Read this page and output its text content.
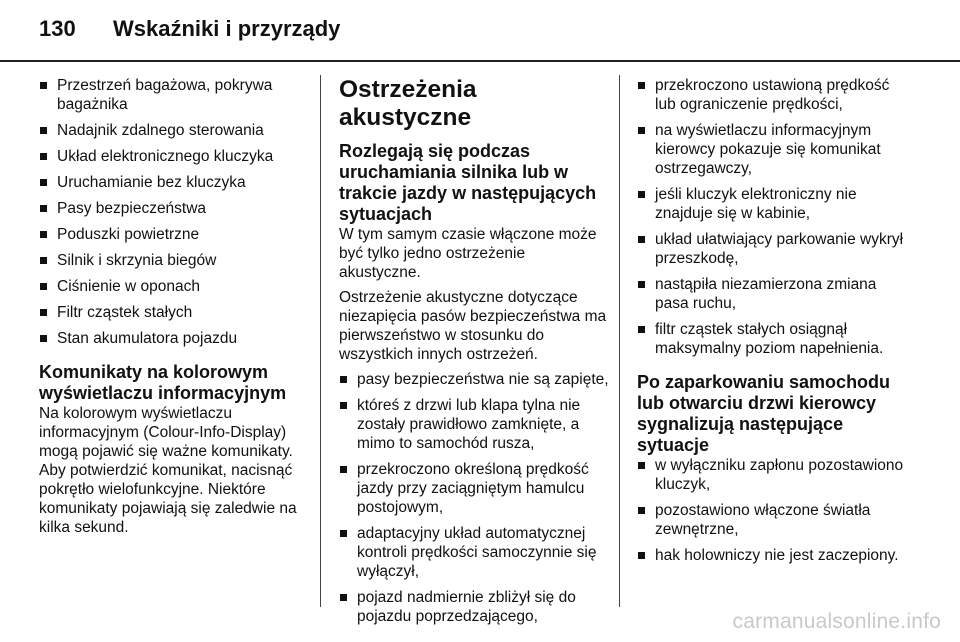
130 Wskaźniki i przyrządy
Przestrzeń bagażowa, pokrywa bagażnika
Nadajnik zdalnego sterowania
Układ elektronicznego kluczyka
Uruchamianie bez kluczyka
Pasy bezpieczeństwa
Poduszki powietrzne
Silnik i skrzynia biegów
Ciśnienie w oponach
Filtr cząstek stałych
Stan akumulatora pojazdu
Komunikaty na kolorowym wyświetlaczu informacyjnym

Na kolorowym wyświetlaczu informacyjnym (Colour-Info-Display) mogą pojawić się ważne komunikaty. Aby potwierdzić komunikat, nacisnąć pokrętło wielofunkcyjne. Niektóre komunikaty pojawiają się zaledwie na kilka sekund.

Ostrzeżenia akustyczne
Rozlegają się podczas uruchamiania silnika lub w trakcie jazdy w następujących sytuacjach

W tym samym czasie włączone może być tylko jedno ostrzeżenie akustyczne.

Ostrzeżenie akustyczne dotyczące niezapięcia pasów bezpieczeństwa ma pierwszeństwo w stosunku do wszystkich innych ostrzeżeń.

pasy bezpieczeństwa nie są zapięte,
któreś z drzwi lub klapa tylna nie zostały prawidłowo zamknięte, a mimo to samochód rusza,
przekroczono określoną prędkość jazdy przy zaciągniętym hamulcu postojowym,
adaptacyjny układ automatycznej kontroli prędkości samoczynnie się wyłączył,
pojazd nadmiernie zbliżył się do pojazdu poprzedzającego,
przekroczono ustawioną prędkość lub ograniczenie prędkości,
na wyświetlaczu informacyjnym kierowcy pokazuje się komunikat ostrzegawczy,
jeśli kluczyk elektroniczny nie znajduje się w kabinie,
układ ułatwiający parkowanie wykrył przeszkodę,
nastąpiła niezamierzona zmiana pasa ruchu,
filtr cząstek stałych osiągnął maksymalny poziom napełnienia.
Po zaparkowaniu samochodu lub otwarciu drzwi kierowcy sygnalizują następujące sytuacje
w wyłączniku zapłonu pozostawiono kluczyk,
pozostawiono włączone światła zewnętrzne,
hak holowniczy nie jest zaczepiony.
carmanualsonline.info
